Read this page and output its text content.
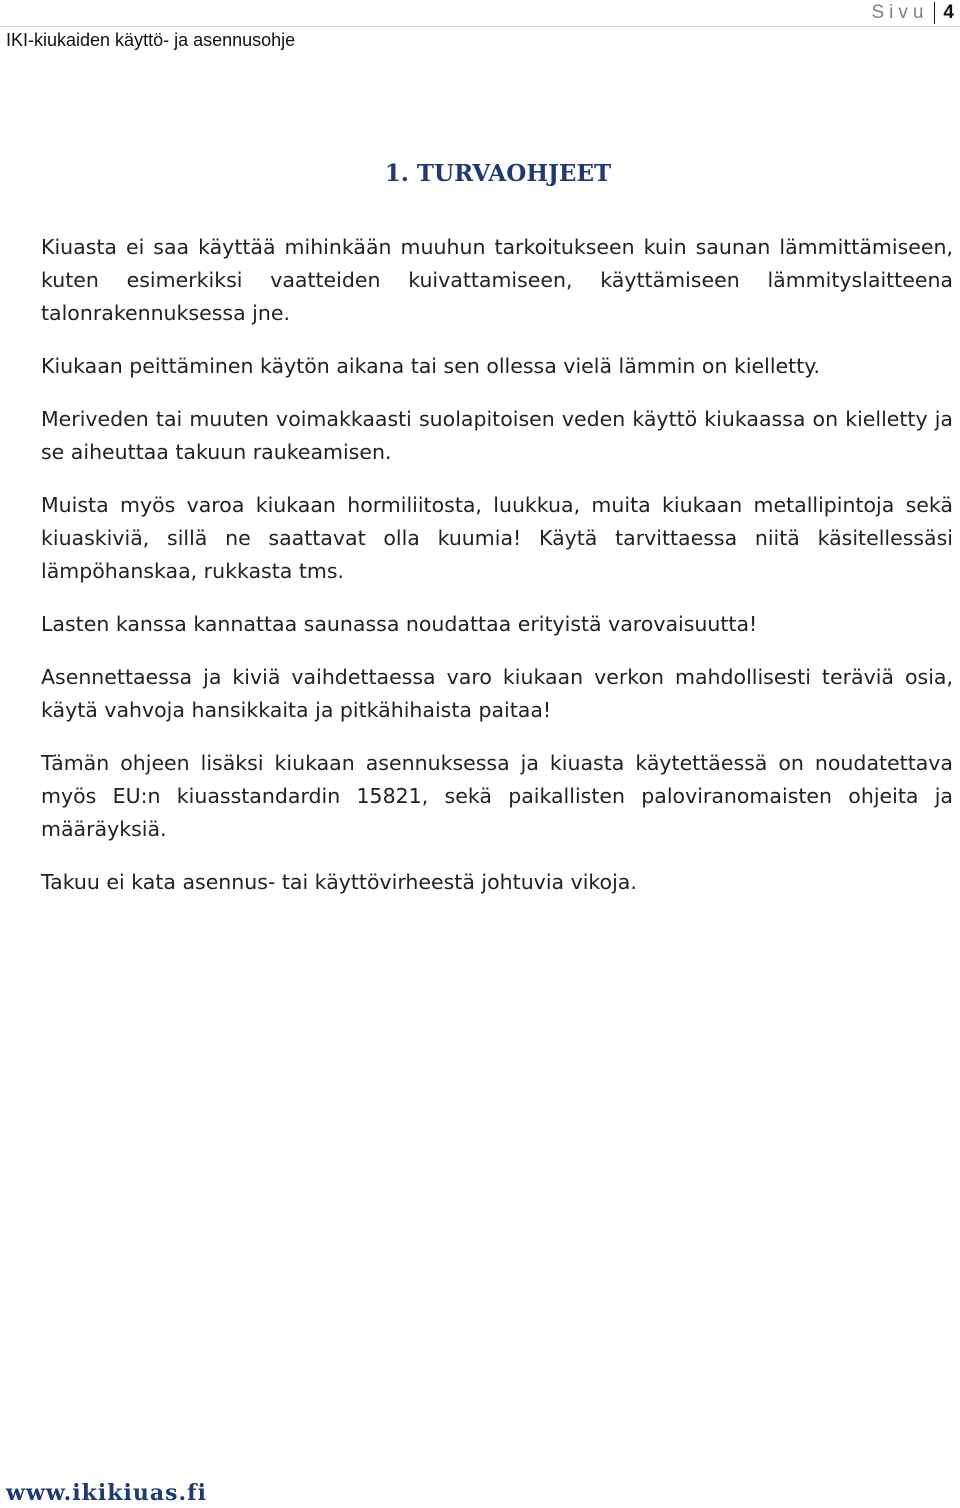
IKI-kiukaiden käyttö- ja asennusohje
Sivu 4
1. TURVAOHJEET

Kiuasta ei saa käyttää mihinkään muuhun tarkoitukseen kuin saunan lämmittämiseen, kuten esimerkiksi vaatteiden kuivattamiseen, käyttämiseen lämmityslaitteena talonrakennuksessa jne.

Kiukaan peittäminen käytön aikana tai sen ollessa vielä lämmin on kielletty.

Meriveden tai muuten voimakkaasti suolapitoisen veden käyttö kiukaassa on kielletty ja se aiheuttaa takuun raukeamisen.

Muista myös varoa kiukaan hormiliitosta, luukkua, muita kiukaan metallipintoja sekä kiuaskiviä, sillä ne saattavat olla kuumia! Käytä tarvittaessa niitä käsitellessäsi lämpöhanskaa, rukkasta tms.

Lasten kanssa kannattaa saunassa noudattaa erityistä varovaisuutta!

Asennettaessa ja kiviä vaihdettaessa varo kiukaan verkon mahdollisesti teräviä osia, käytä vahvoja hansikkaita ja pitkähihaista paitaa!

Tämän ohjeen lisäksi kiukaan asennuksessa ja kiuasta käytettäessä on noudatettava myös EU:n kiuasstandardin 15821, sekä paikallisten paloviranomaisten ohjeita ja määräyksiä.

Takuu ei kata asennus- tai käyttövirheestä johtuvia vikoja.

www.ikikiuas.fi
